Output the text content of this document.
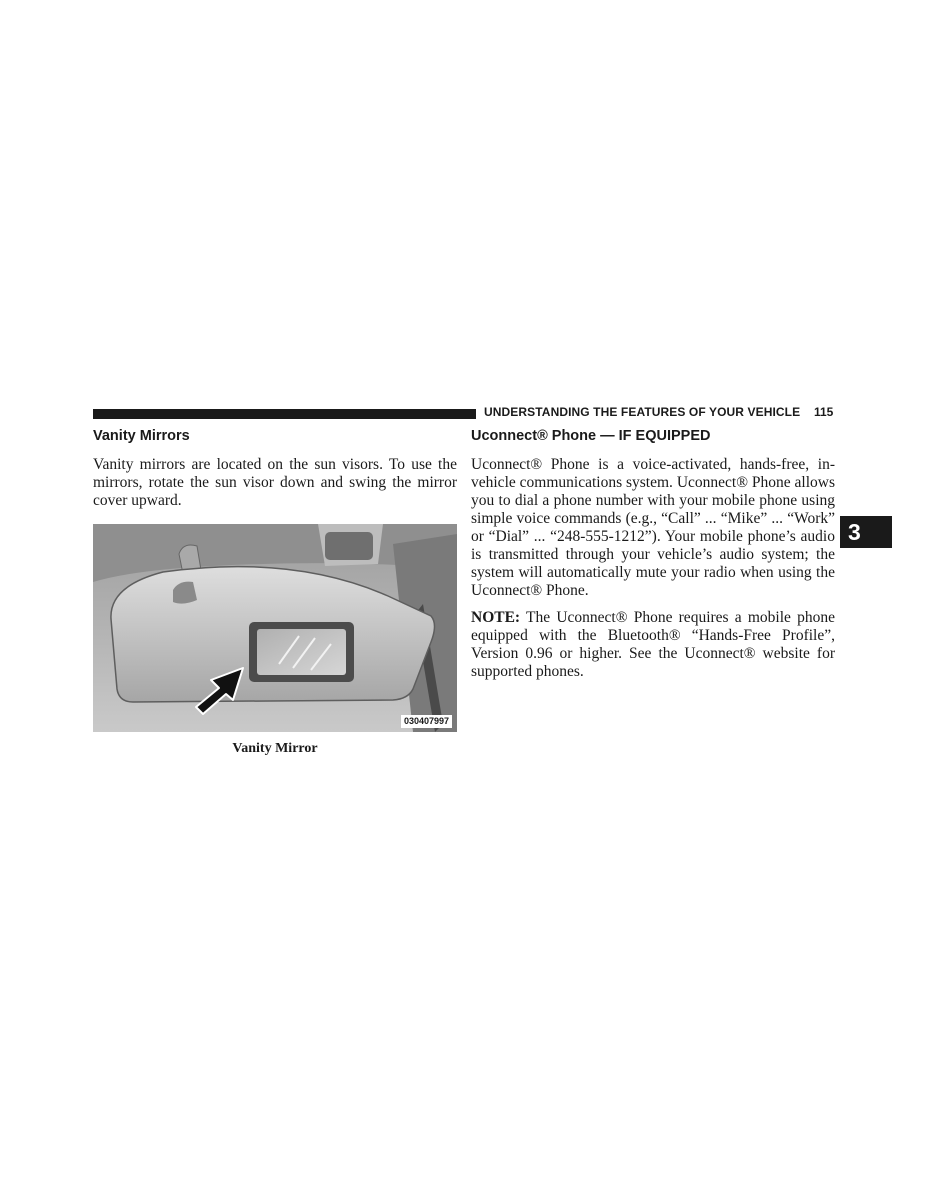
UNDERSTANDING THE FEATURES OF YOUR VEHICLE 115
Vanity Mirrors

Vanity mirrors are located on the sun visors. To use the mirrors, rotate the sun visor down and swing the mirror cover upward.

030407997
Vanity Mirror
Uconnect® Phone — IF EQUIPPED

Uconnect® Phone is a voice-activated, hands-free, in-vehicle communications system. Uconnect® Phone allows you to dial a phone number with your mobile phone using simple voice commands (e.g., “Call” ... “Mike” ... “Work” or “Dial” ... “248-555-1212”). Your mobile phone’s audio is transmitted through your vehicle’s audio system; the system will automatically mute your radio when using the Uconnect® Phone.

NOTE: The Uconnect® Phone requires a mobile phone equipped with the Bluetooth® “Hands-Free Profile”, Version 0.96 or higher. See the Uconnect® website for supported phones.

3
